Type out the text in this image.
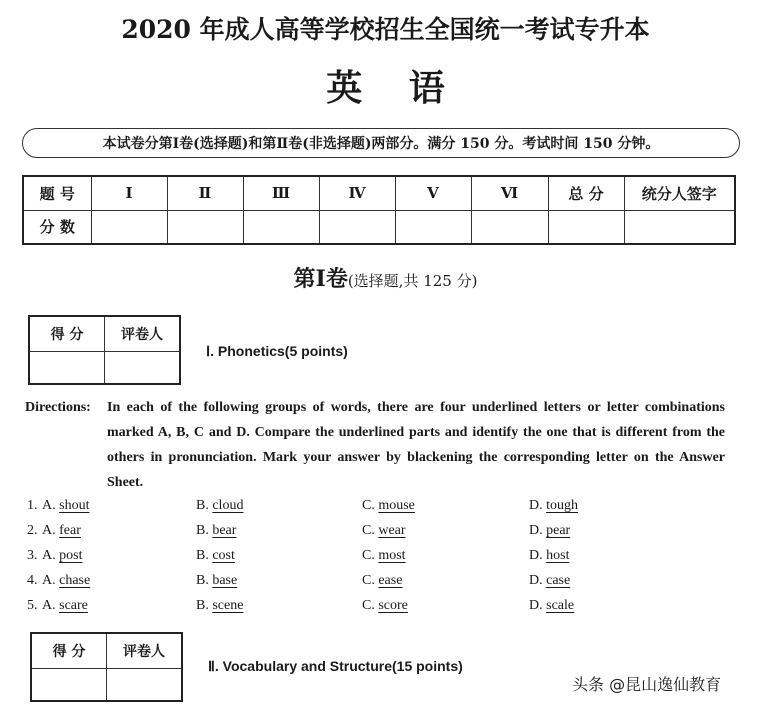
2020 年成人高等学校招生全国统一考试专升本
英 语
本试卷分第Ⅰ卷(选择题)和第Ⅱ卷(非选择题)两部分。满分 150 分。考试时间 150 分钟。
题 号	Ⅰ	Ⅱ	Ⅲ	Ⅳ	Ⅴ	Ⅵ	总 分	统分人签字
分 数								
第Ⅰ卷(选择题,共 125 分)
得 分	评卷人

Ⅰ. Phonetics(5 points)
Directions: In each of the following groups of words, there are four underlined letters or letter combinations marked A, B, C and D. Compare the underlined parts and identify the one that is different from the others in pronunciation. Mark your answer by blackening the corresponding letter on the Answer Sheet.
1. A. shout	B. cloud	C. mouse	D. tough
2. A. fear	B. bear	C. wear	D. pear
3. A. post	B. cost	C. most	D. host
4. A. chase	B. base	C. ease	D. case
5. A. scare	B. scene	C. score	D. scale
得 分	评卷人

Ⅱ. Vocabulary and Structure(15 points)
头条 @昆山逸仙教育
